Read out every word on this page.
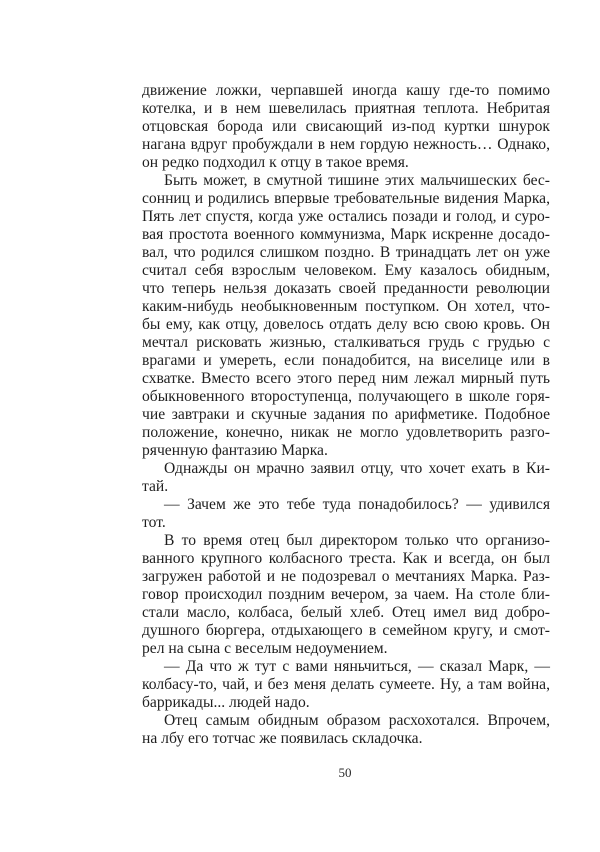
движение ложки, черпавшей иногда кашу где-то помимо
котелка, и в нем шевелилась приятная теплота. Небритая
отцовская борода или свисающий из-под куртки шнурок
нагана вдруг пробуждали в нем гордую нежность… Однако,
он редко подходил к отцу в такое время.
Быть может, в смутной тишине этих мальчишеских бес-
сонниц и родились впервые требовательные видения Марка,
Пять лет спустя, когда уже остались позади и голод, и суро-
вая простота военного коммунизма, Марк искренне досадо-
вал, что родился слишком поздно. В тринадцать лет он уже
считал себя взрослым человеком. Ему казалось обидным,
что теперь нельзя доказать своей преданности революции
каким-нибудь необыкновенным поступком. Он хотел, что-
бы ему, как отцу, довелось отдать делу всю свою кровь. Он
мечтал рисковать жизнью, сталкиваться грудь с грудью с
врагами и умереть, если понадобится, на виселице или в
схватке. Вместо всего этого перед ним лежал мирный путь
обыкновенного второступенца, получающего в школе горя-
чие завтраки и скучные задания по арифметике. Подобное
положение, конечно, никак не могло удовлетворить разго-
ряченную фантазию Марка.
Однажды он мрачно заявил отцу, что хочет ехать в Ки-
тай.
— Зачем же это тебе туда понадобилось? — удивился
тот.
В то время отец был директором только что организо-
ванного крупного колбасного треста. Как и всегда, он был
загружен работой и не подозревал о мечтаниях Марка. Раз-
говор происходил поздним вечером, за чаем. На столе бли-
стали масло, колбаса, белый хлеб. Отец имел вид добро-
душного бюргера, отдыхающего в семейном кругу, и смот-
рел на сына с веселым недоумением.
— Да что ж тут с вами няньчиться, — сказал Марк, —
колбасу-то, чай, и без меня делать сумеете. Ну, а там война,
баррикады... людей надо.
Отец самым обидным образом расхохотался. Впрочем,
на лбу его тотчас же появилась складочка.
50
